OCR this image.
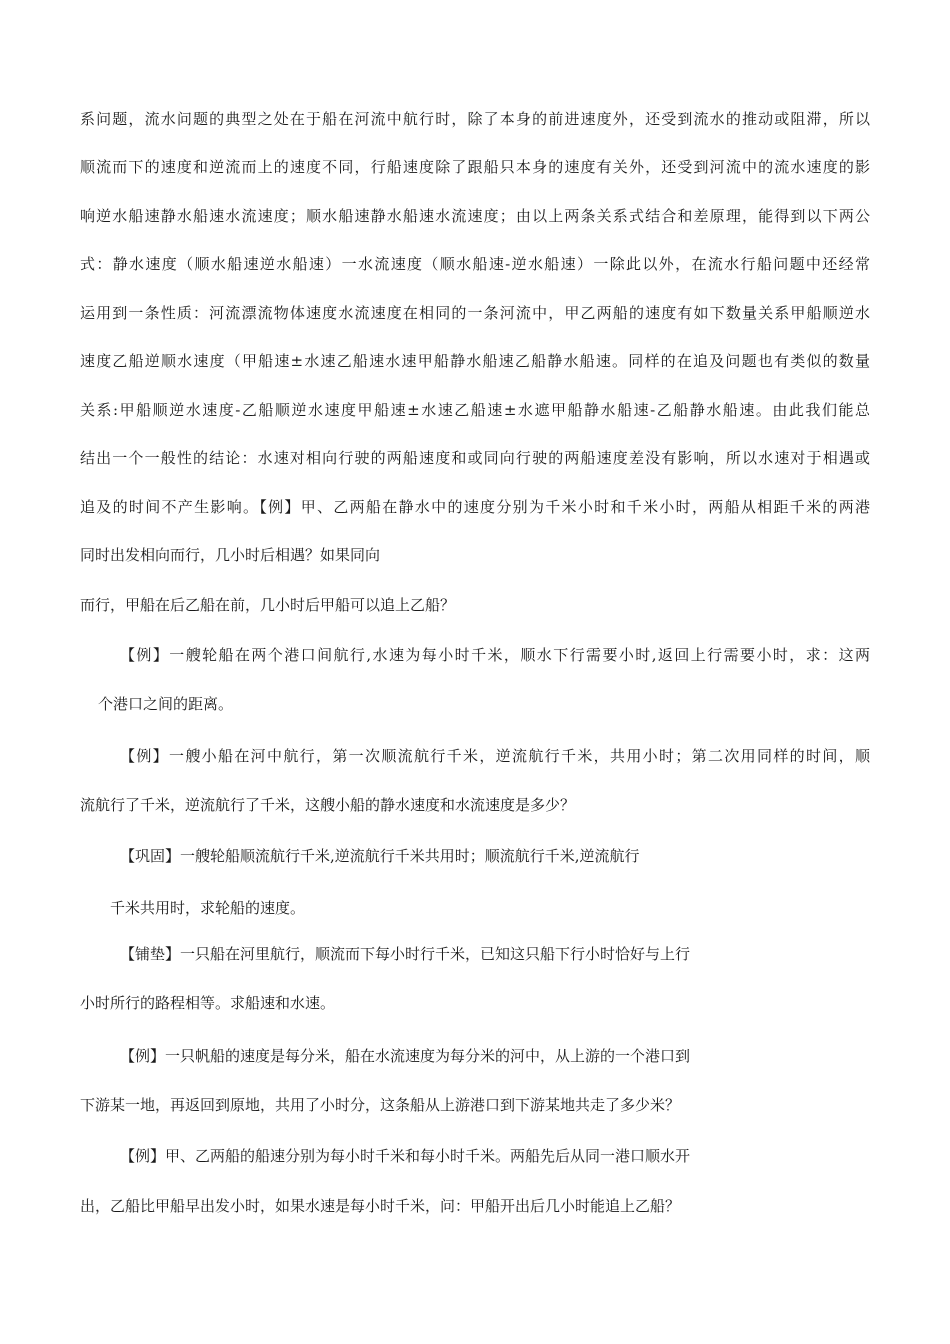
系问题，流水问题的典型之处在于船在河流中航行时，除了本身的前进速度外，还受到流水的推动或阻滞，所以
顺流而下的速度和逆流而上的速度不同，行船速度除了跟船只本身的速度有关外，还受到河流中的流水速度的影
响逆水船速静水船速水流速度；顺水船速静水船速水流速度；由以上两条关系式结合和差原理，能得到以下两公
式：静水速度（顺水船速逆水船速）一水流速度（顺水船速-逆水船速）一除此以外，在流水行船问题中还经常
运用到一条性质：河流漂流物体速度水流速度在相同的一条河流中，甲乙两船的速度有如下数量关系甲船顺逆水
速度乙船逆顺水速度（甲船速±水速乙船速水速甲船静水船速乙船静水船速。同样的在追及问题也有类似的数量
关系:甲船顺逆水速度-乙船顺逆水速度甲船速±水速乙船速±水遮甲船静水船速-乙船静水船速。由此我们能总
结出一个一般性的结论：水速对相向行驶的两船速度和或同向行驶的两船速度差没有影响，所以水速对于相遇或
追及的时间不产生影响。【例】甲、乙两船在静水中的速度分别为千米小时和千米小时，两船从相距千米的两港
同时出发相向而行，几小时后相遇？如果同向
而行，甲船在后乙船在前，几小时后甲船可以追上乙船？
【例】一艘轮船在两个港口间航行,水速为每小时千米，顺水下行需要小时,返回上行需要小时，求：这两
个港口之间的距离。
【例】一艘小船在河中航行，第一次顺流航行千米，逆流航行千米，共用小时；第二次用同样的时间，顺
流航行了千米，逆流航行了千米，这艘小船的静水速度和水流速度是多少？
【巩固】一艘轮船顺流航行千米,逆流航行千米共用时；顺流航行千米,逆流航行
千米共用时，求轮船的速度。
【铺垫】一只船在河里航行，顺流而下每小时行千米，已知这只船下行小时恰好与上行
小时所行的路程相等。求船速和水速。
【例】一只帆船的速度是每分米，船在水流速度为每分米的河中，从上游的一个港口到
下游某一地，再返回到原地，共用了小时分，这条船从上游港口到下游某地共走了多少米？
【例】甲、乙两船的船速分别为每小时千米和每小时千米。两船先后从同一港口顺水开
出，乙船比甲船早出发小时，如果水速是每小时千米，问：甲船开出后几小时能追上乙船？
